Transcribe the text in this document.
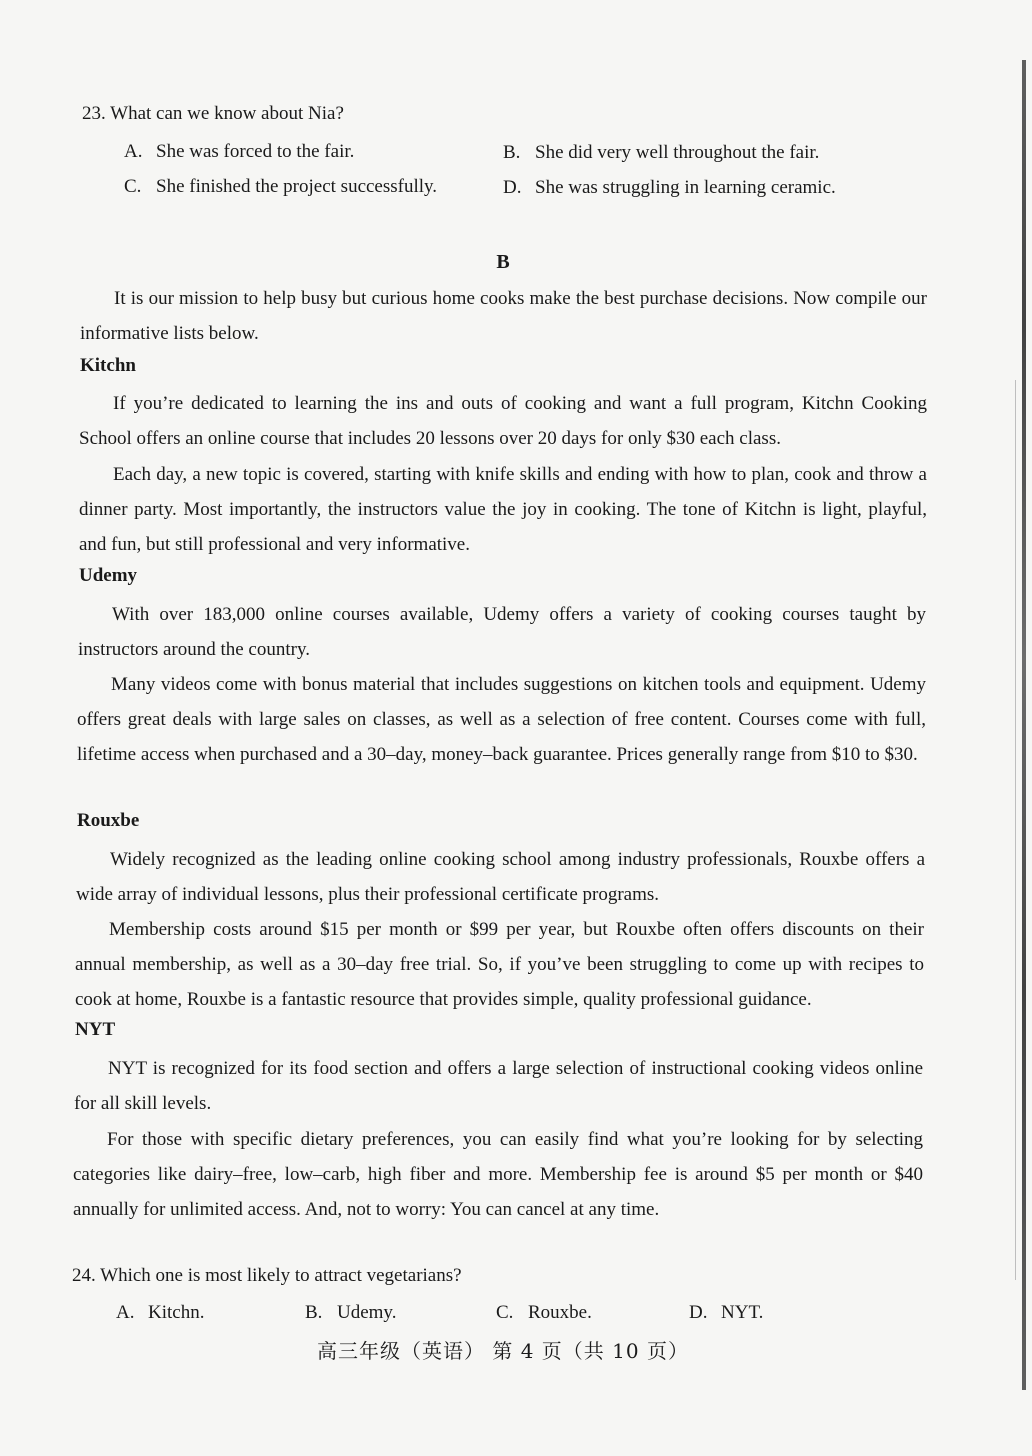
23. What can we know about Nia?
A. She was forced to the fair.	B. She did very well throughout the fair.
C. She finished the project successfully.	D. She was struggling in learning ceramic.
B
It is our mission to help busy but curious home cooks make the best purchase decisions. Now compile our informative lists below.
Kitchn
If you’re dedicated to learning the ins and outs of cooking and want a full program, Kitchn Cooking School offers an online course that includes 20 lessons over 20 days for only $30 each class.
Each day, a new topic is covered, starting with knife skills and ending with how to plan, cook and throw a dinner party. Most importantly, the instructors value the joy in cooking. The tone of Kitchn is light, playful, and fun, but still professional and very informative.
Udemy
With over 183,000 online courses available, Udemy offers a variety of cooking courses taught by instructors around the country.
Many videos come with bonus material that includes suggestions on kitchen tools and equipment. Udemy offers great deals with large sales on classes, as well as a selection of free content. Courses come with full, lifetime access when purchased and a 30–day, money–back guarantee. Prices generally range from $10 to $30.
Rouxbe
Widely recognized as the leading online cooking school among industry professionals, Rouxbe offers a wide array of individual lessons, plus their professional certificate programs.
Membership costs around $15 per month or $99 per year, but Rouxbe often offers discounts on their annual membership, as well as a 30–day free trial. So, if you’ve been struggling to come up with recipes to cook at home, Rouxbe is a fantastic resource that provides simple, quality professional guidance.
NYT
NYT is recognized for its food section and offers a large selection of instructional cooking videos online for all skill levels.
For those with specific dietary preferences, you can easily find what you’re looking for by selecting categories like dairy–free, low–carb, high fiber and more. Membership fee is around $5 per month or $40 annually for unlimited access. And, not to worry: You can cancel at any time.
24. Which one is most likely to attract vegetarians?
A. Kitchn.	B. Udemy.	C. Rouxbe.	D. NYT.
高三年级（英语） 第 4 页（共 10 页）
